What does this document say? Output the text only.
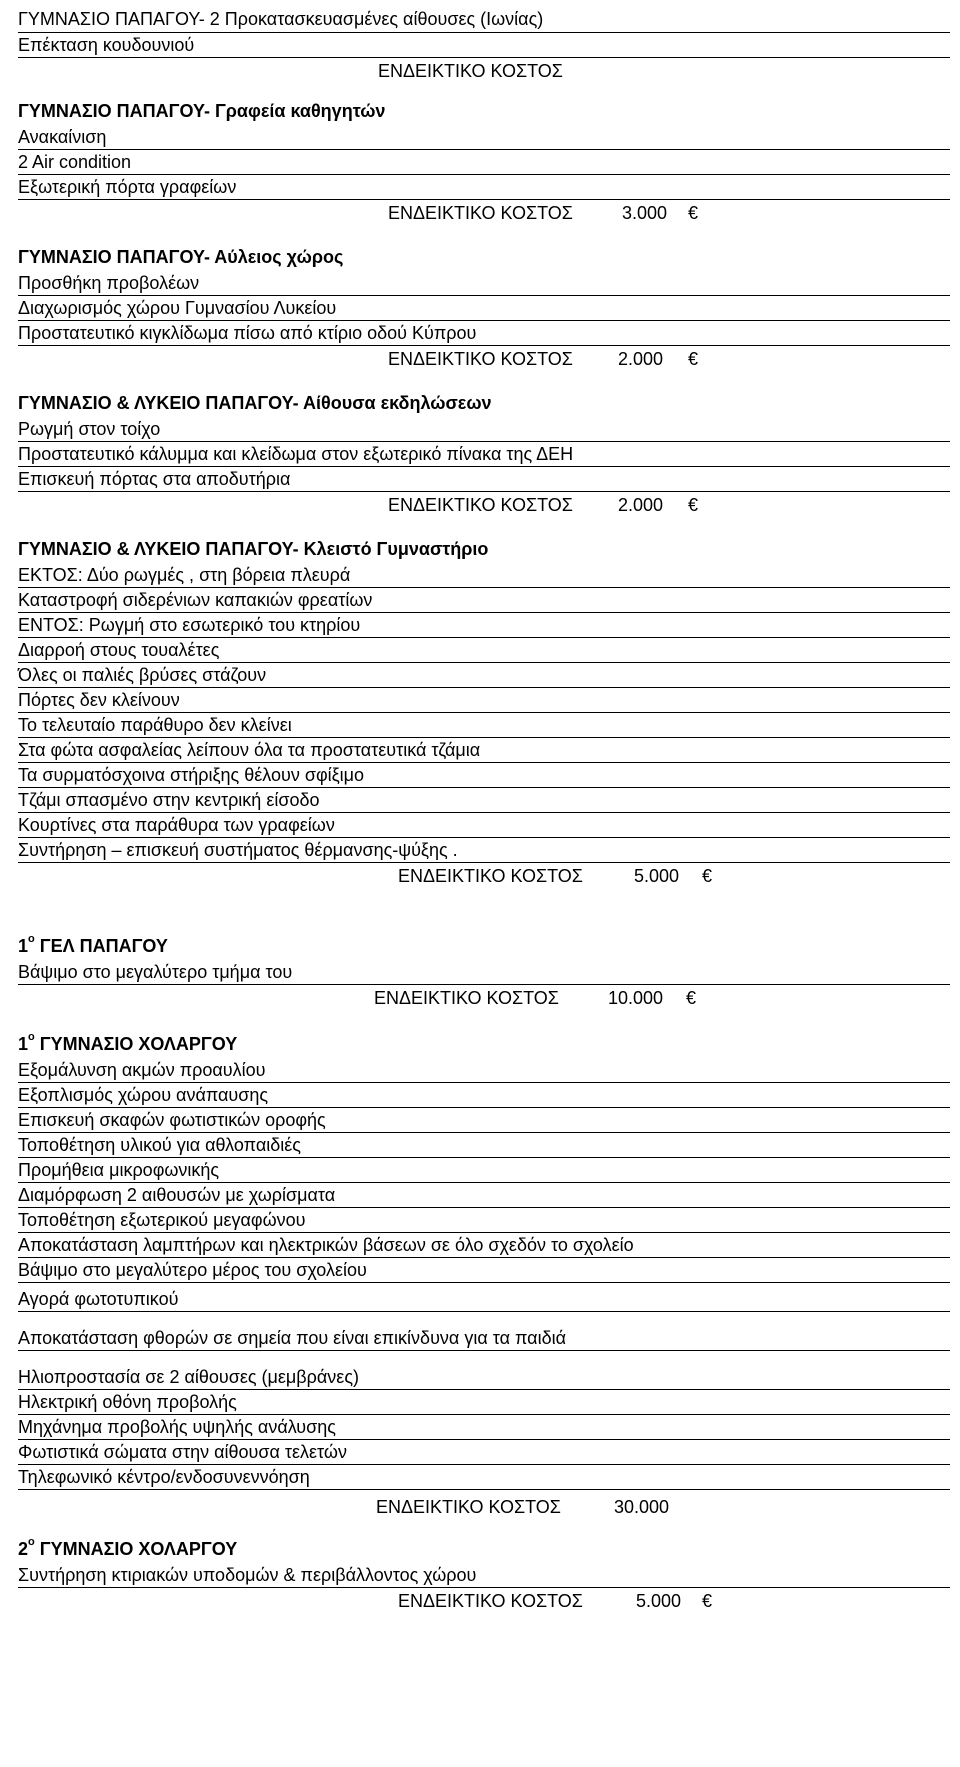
ΓΥΜΝΑΣΙΟ ΠΑΠΑΓΟΥ- 2 Προκατασκευασμένες αίθουσες (Ιωνίας)
Επέκταση κουδουνιού
ΕΝΔΕΙΚΤΙΚΟ ΚΟΣΤΟΣ
ΓΥΜΝΑΣΙΟ ΠΑΠΑΓΟΥ- Γραφεία καθηγητών
Ανακαίνιση
2 Air condition
Εξωτερική πόρτα γραφείων
ΕΝΔΕΙΚΤΙΚΟ ΚΟΣΤΟΣ	3.000 €
ΓΥΜΝΑΣΙΟ ΠΑΠΑΓΟΥ- Αύλειος χώρος
Προσθήκη προβολέων
Διαχωρισμός χώρου Γυμνασίου Λυκείου
Προστατευτικό κιγκλίδωμα πίσω από κτίριο οδού Κύπρου
ΕΝΔΕΙΚΤΙΚΟ ΚΟΣΤΟΣ	2.000 €
ΓΥΜΝΑΣΙΟ & ΛΥΚΕΙΟ ΠΑΠΑΓΟΥ- Αίθουσα εκδηλώσεων
Ρωγμή στον τοίχο
Προστατευτικό κάλυμμα και κλείδωμα στον εξωτερικό πίνακα της ΔΕΗ
Επισκευή πόρτας στα αποδυτήρια
ΕΝΔΕΙΚΤΙΚΟ ΚΟΣΤΟΣ	2.000 €
ΓΥΜΝΑΣΙΟ & ΛΥΚΕΙΟ ΠΑΠΑΓΟΥ- Κλειστό Γυμναστήριο
ΕΚΤΟΣ: Δύο ρωγμές , στη βόρεια πλευρά
Καταστροφή σιδερένιων καπακιών φρεατίων
ΕΝΤΟΣ: Ρωγμή στο εσωτερικό του κτηρίου
Διαρροή στους τουαλέτες
Όλες οι παλιές βρύσες στάζουν
Πόρτες δεν κλείνουν
Το τελευταίο παράθυρο δεν κλείνει
Στα φώτα ασφαλείας λείπουν όλα τα προστατευτικά τζάμια
Τα συρματόσχοινα στήριξης θέλουν σφίξιμο
Τζάμι σπασμένο στην κεντρική είσοδο
Κουρτίνες στα παράθυρα των γραφείων
Συντήρηση – επισκευή συστήματος θέρμανσης-ψύξης .
ΕΝΔΕΙΚΤΙΚΟ ΚΟΣΤΟΣ	5.000 €
$1^o$ ΓΕΛ ΠΑΠΑΓΟΥ
Βάψιμο στο μεγαλύτερο τμήμα του
ΕΝΔΕΙΚΤΙΚΟ ΚΟΣΤΟΣ	10.000 €
$1^o$ ΓΥΜΝΑΣΙΟ ΧΟΛΑΡΓΟΥ
Εξομάλυνση ακμών προαυλίου
Εξοπλισμός χώρου ανάπαυσης
Επισκευή σκαφών φωτιστικών οροφής
Τοποθέτηση υλικού για αθλοπαιδιές
Προμήθεια μικροφωνικής
Διαμόρφωση 2 αιθουσών με χωρίσματα
Τοποθέτηση εξωτερικού μεγαφώνου
Αποκατάσταση λαμπτήρων και ηλεκτρικών βάσεων σε όλο σχεδόν το σχολείο
Βάψιμο στο μεγαλύτερο μέρος του σχολείου
Αγορά φωτοτυπικού
Αποκατάσταση φθορών σε σημεία που είναι επικίνδυνα για τα παιδιά
Ηλιοπροστασία σε 2 αίθουσες (μεμβράνες)
Ηλεκτρική οθόνη προβολής
Μηχάνημα προβολής υψηλής ανάλυσης
Φωτιστικά σώματα στην αίθουσα τελετών
Τηλεφωνικό κέντρο/ενδοσυνεννόηση
ΕΝΔΕΙΚΤΙΚΟ ΚΟΣΤΟΣ	30.000
$2^o$ ΓΥΜΝΑΣΙΟ ΧΟΛΑΡΓΟΥ
Συντήρηση κτιριακών υποδομών & περιβάλλοντος χώρου
ΕΝΔΕΙΚΤΙΚΟ ΚΟΣΤΟΣ	5.000 €
